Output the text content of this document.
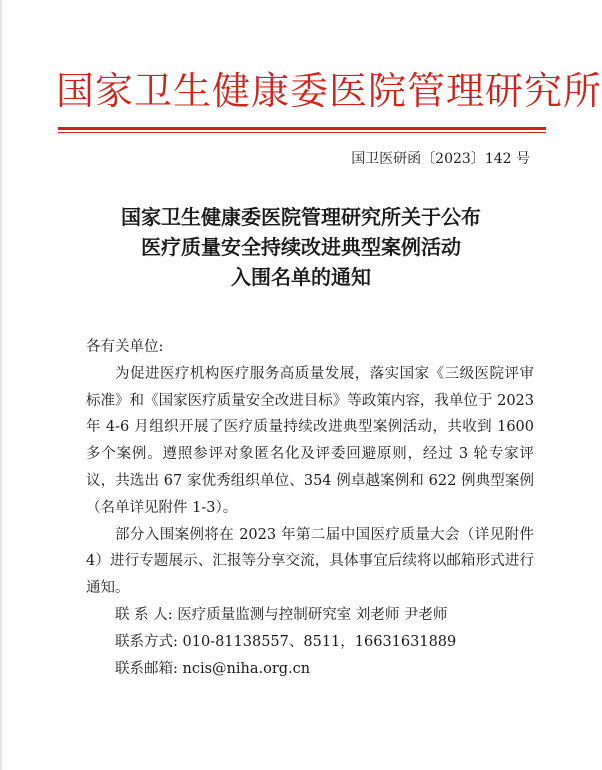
国家卫生健康委医院管理研究所
国卫医研函〔2023〕142 号
国家卫生健康委医院管理研究所关于公布
医疗质量安全持续改进典型案例活动
入围名单的通知

各有关单位:

为促进医疗机构医疗服务高质量发展，落实国家《三级医院评审标准》和《国家医疗质量安全改进目标》等政策内容，我单位于 2023 年 4-6 月组织开展了医疗质量持续改进典型案例活动，共收到 1600 多个案例。遵照参评对象匿名化及评委回避原则，经过 3 轮专家评议，共选出 67 家优秀组织单位、354 例卓越案例和 622 例典型案例（名单详见附件 1-3）。

部分入围案例将在 2023 年第二届中国医疗质量大会（详见附件 4）进行专题展示、汇报等分享交流，具体事宜后续将以邮箱形式进行通知。

联 系 人: 医疗质量监测与控制研究室 刘老师 尹老师

联系方式: 010-81138557、8511，16631631889

联系邮箱: ncis@niha.org.cn
